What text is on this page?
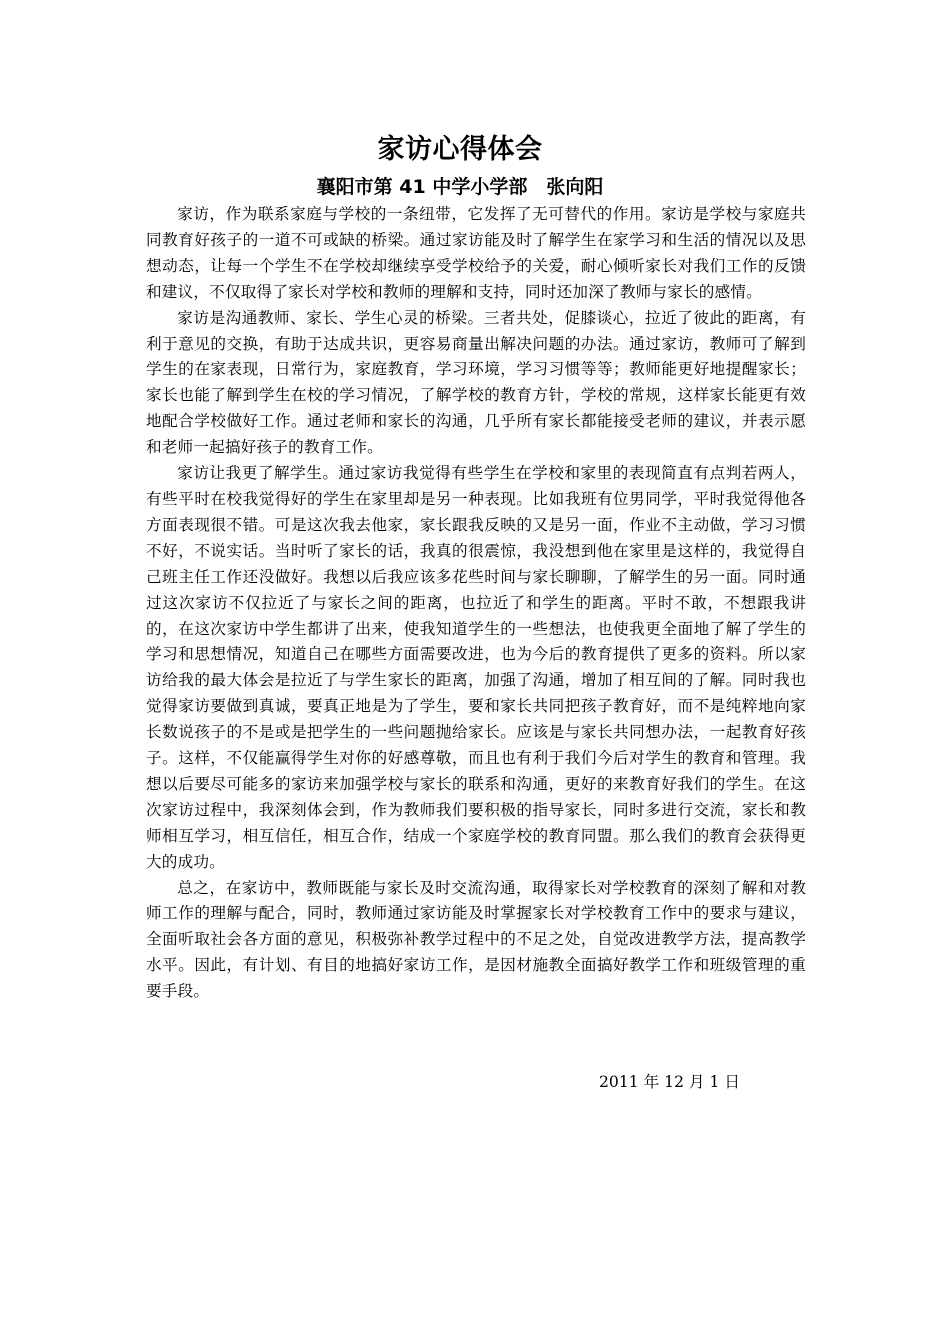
家访心得体会
襄阳市第 41 中学小学部　张向阳

家访，作为联系家庭与学校的一条纽带，它发挥了无可替代的作用。家访是学校与家庭共同教育好孩子的一道不可或缺的桥梁。通过家访能及时了解学生在家学习和生活的情况以及思想动态，让每一个学生不在学校却继续享受学校给予的关爱，耐心倾听家长对我们工作的反馈和建议，不仅取得了家长对学校和教师的理解和支持，同时还加深了教师与家长的感情。

家访是沟通教师、家长、学生心灵的桥梁。三者共处，促膝谈心，拉近了彼此的距离，有利于意见的交换，有助于达成共识，更容易商量出解决问题的办法。通过家访，教师可了解到学生的在家表现，日常行为，家庭教育，学习环境，学习习惯等等；教师能更好地提醒家长；家长也能了解到学生在校的学习情况，了解学校的教育方针，学校的常规，这样家长能更有效地配合学校做好工作。通过老师和家长的沟通，几乎所有家长都能接受老师的建议，并表示愿和老师一起搞好孩子的教育工作。

家访让我更了解学生。通过家访我觉得有些学生在学校和家里的表现简直有点判若两人，有些平时在校我觉得好的学生在家里却是另一种表现。比如我班有位男同学，平时我觉得他各方面表现很不错。可是这次我去他家，家长跟我反映的又是另一面，作业不主动做，学习习惯不好，不说实话。当时听了家长的话，我真的很震惊，我没想到他在家里是这样的，我觉得自己班主任工作还没做好。我想以后我应该多花些时间与家长聊聊，了解学生的另一面。同时通过这次家访不仅拉近了与家长之间的距离，也拉近了和学生的距离。平时不敢，不想跟我讲的，在这次家访中学生都讲了出来，使我知道学生的一些想法，也使我更全面地了解了学生的学习和思想情况，知道自己在哪些方面需要改进，也为今后的教育提供了更多的资料。所以家访给我的最大体会是拉近了与学生家长的距离，加强了沟通，增加了相互间的了解。同时我也觉得家访要做到真诚，要真正地是为了学生，要和家长共同把孩子教育好，而不是纯粹地向家长数说孩子的不是或是把学生的一些问题抛给家长。应该是与家长共同想办法，一起教育好孩子。这样，不仅能赢得学生对你的好感尊敬，而且也有利于我们今后对学生的教育和管理。我想以后要尽可能多的家访来加强学校与家长的联系和沟通，更好的来教育好我们的学生。在这次家访过程中，我深刻体会到，作为教师我们要积极的指导家长，同时多进行交流，家长和教师相互学习，相互信任，相互合作，结成一个家庭学校的教育同盟。那么我们的教育会获得更大的成功。

总之，在家访中，教师既能与家长及时交流沟通，取得家长对学校教育的深刻了解和对教师工作的理解与配合，同时，教师通过家访能及时掌握家长对学校教育工作中的要求与建议，全面听取社会各方面的意见，积极弥补教学过程中的不足之处，自觉改进教学方法，提高教学水平。因此，有计划、有目的地搞好家访工作，是因材施教全面搞好教学工作和班级管理的重要手段。

2011 年 12 月 1 日
